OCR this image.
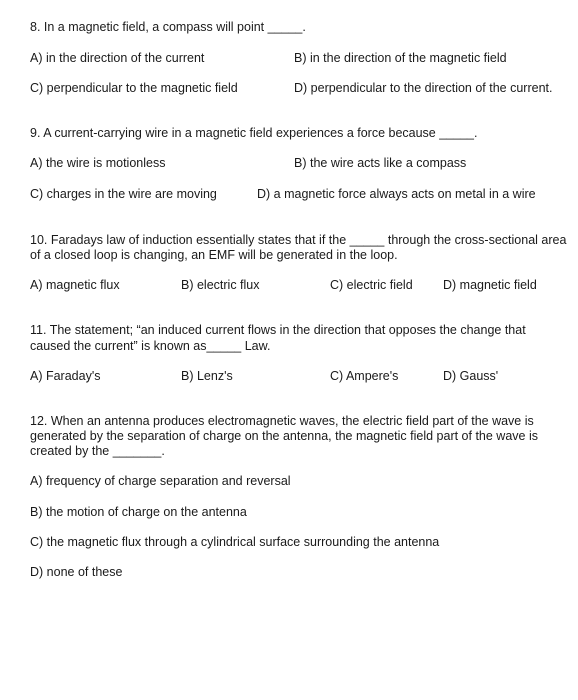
8. In a magnetic field, a compass will point _____.
A) in the direction of the current	B) in the direction of the magnetic field
C) perpendicular to the magnetic field	D) perpendicular to the direction of the current.
9. A current-carrying wire in a magnetic field experiences a force because _____.
A) the wire is motionless	B) the wire acts like a compass
C) charges in the wire are moving	D) a magnetic force always acts on metal in a wire
10. Faradays law of induction essentially states that if the _____ through the cross-sectional area
of a closed loop is changing, an EMF will be generated in the loop.
A) magnetic flux	B) electric flux	C) electric field D) magnetic field
11. The statement; “an induced current flows in the direction that opposes the change that
caused the current” is known as_____ Law.
A) Faraday's	B) Lenz's	C) Ampere's	D) Gauss'
12. When an antenna produces electromagnetic waves, the electric field part of the wave is
generated by the separation of charge on the antenna, the magnetic field part of the wave is
created by the _______.
A) frequency of charge separation and reversal
B) the motion of charge on the antenna
C) the magnetic flux through a cylindrical surface surrounding the antenna
D) none of these
